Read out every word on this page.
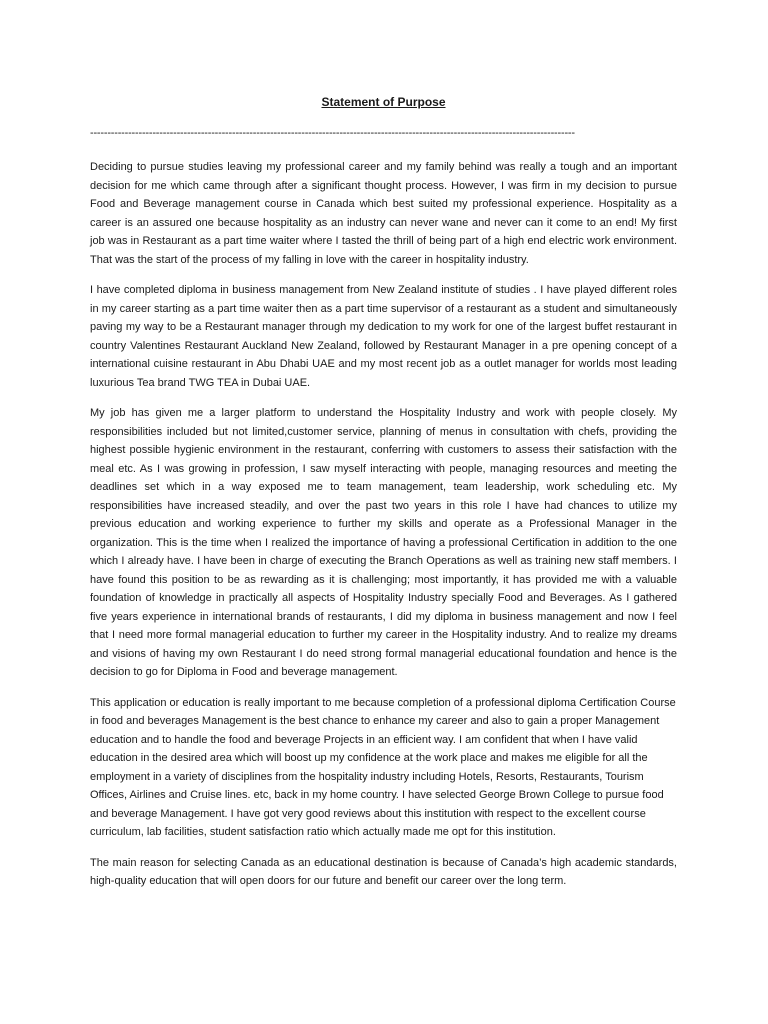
Statement of Purpose
--------------------------------------------------------------------------------------------------------------------------------------------

Deciding to pursue studies leaving my professional career and my family behind was really a tough and an important decision for me which came through after a significant thought process. However, I was firm in my decision to pursue Food and Beverage management course in Canada which best suited my professional experience. Hospitality as a career is an assured one because hospitality as an industry can never wane and never can it come to an end! My first job was in Restaurant as a part time waiter where I tasted the thrill of being part of a high end electric work environment. That was the start of the process of my falling in love with the career in hospitality industry.

I have completed diploma in business management from New Zealand institute of studies . I have played different roles in my career starting as a part time waiter then as a part time supervisor of a restaurant as a student and simultaneously paving my way to be a Restaurant manager through my dedication to my work for one of the largest buffet restaurant in country Valentines Restaurant Auckland New Zealand, followed by Restaurant Manager in a pre opening concept of a international cuisine restaurant in Abu Dhabi UAE and my most recent job as a outlet manager for worlds most leading luxurious Tea brand TWG TEA in Dubai UAE.

My job has given me a larger platform to understand the Hospitality Industry and work with people closely. My responsibilities included but not limited,customer service, planning of menus in consultation with chefs, providing the highest possible hygienic environment in the restaurant, conferring with customers to assess their satisfaction with the meal etc. As I was growing in profession, I saw myself interacting with people, managing resources and meeting the deadlines set which in a way exposed me to team management, team leadership, work scheduling etc. My responsibilities have increased steadily, and over the past two years in this role I have had chances to utilize my previous education and working experience to further my skills and operate as a Professional Manager in the organization. This is the time when I realized the importance of having a professional Certification in addition to the one which I already have. I have been in charge of executing the Branch Operations as well as training new staff members. I have found this position to be as rewarding as it is challenging; most importantly, it has provided me with a valuable foundation of knowledge in practically all aspects of Hospitality Industry specially Food and Beverages. As I gathered five years experience in international brands of restaurants, I did my diploma in business management and now I feel that I need more formal managerial education to further my career in the Hospitality industry. And to realize my dreams and visions of having my own Restaurant I do need strong formal managerial educational foundation and hence is the decision to go for Diploma in Food and beverage management.

This application or education is really important to me because completion of a professional diploma Certification Course in food and beverages Management is the best chance to enhance my career and also to gain a proper Management education and to handle the food and beverage Projects in an efficient way. I am confident that when I have valid education in the desired area which will boost up my confidence at the work place and makes me eligible for all the employment in a variety of disciplines from the hospitality industry including Hotels, Resorts, Restaurants, Tourism Offices, Airlines and Cruise lines. etc, back in my home country. I have selected George Brown College to pursue food and beverage Management. I have got very good reviews about this institution with respect to the excellent course curriculum, lab facilities, student satisfaction ratio which actually made me opt for this institution.

The main reason for selecting Canada as an educational destination is because of Canada’s high academic standards, high-quality education that will open doors for our future and benefit our career over the long term.
